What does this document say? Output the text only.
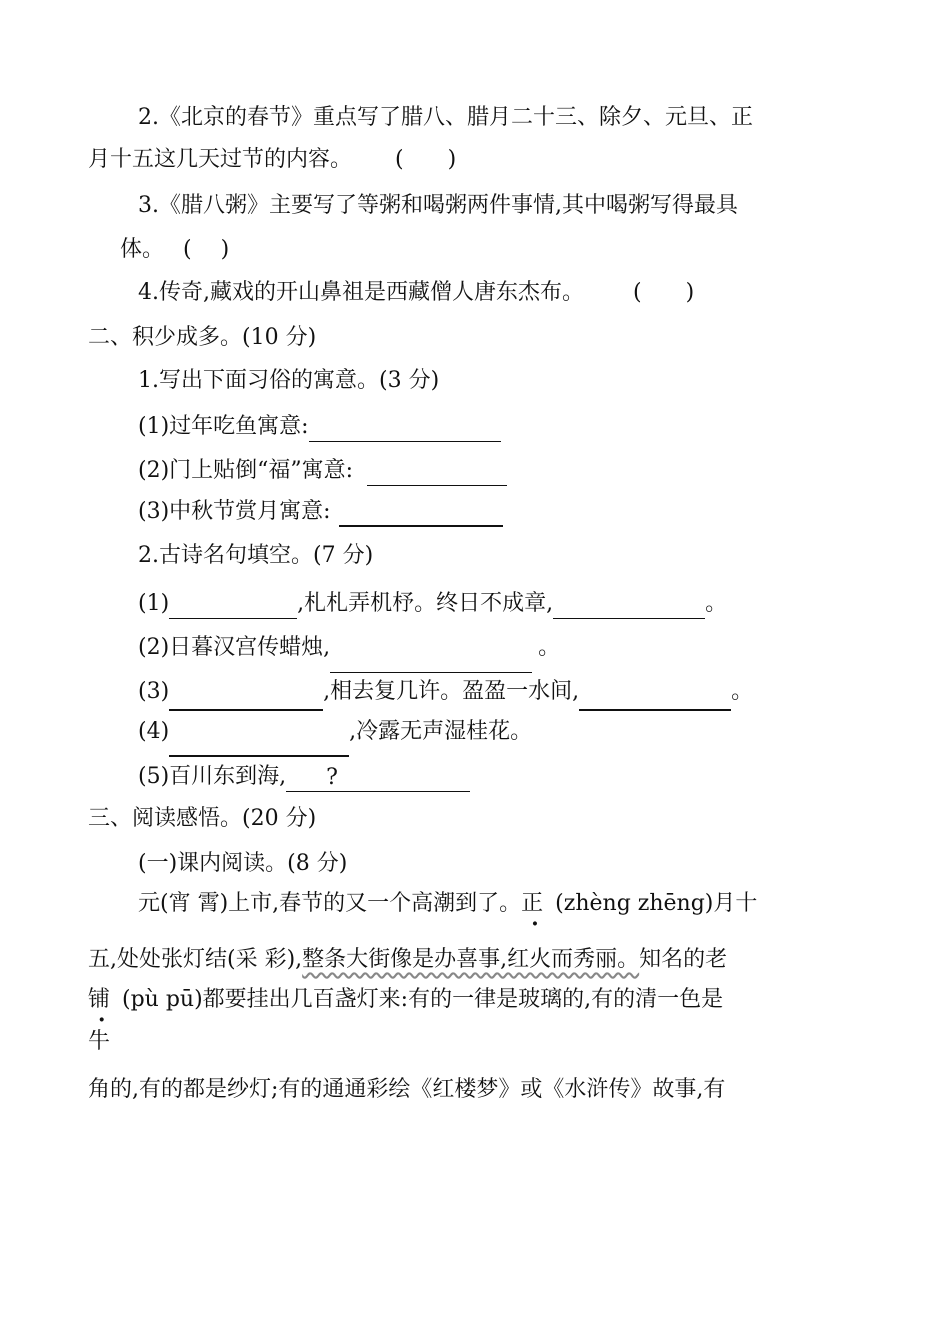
2.《北京的春节》重点写了腊八、腊月二十三、除夕、元旦、正
月十五这几天过节的内容。 (　　)
3.《腊八粥》主要写了等粥和喝粥两件事情,其中喝粥写得最具
体。 (　 )
4.传奇,藏戏的开山鼻祖是西藏僧人唐东杰布。 (　　)
二、积少成多。(10 分)
1.写出下面习俗的寓意。(3 分)
(1)过年吃鱼寓意:
(2)门上贴倒“福”寓意:
(3)中秋节赏月寓意:
2.古诗名句填空。(7 分)
(1)	,札札弄机杼。终日不成章,	。
(2)日暮汉宫传蜡烛,	。
(3)	,相去复几许。盈盈一水间,	。
(4)	,冷露无声湿桂花。
(5)百川东到海, ?
三、阅读感悟。(20 分)
(一)课内阅读。(8 分)
元(宵 霄)上市,春节的又一个高潮到了。正 (zhèng zhēng)月十
五,处处张灯结(采 彩),整条大街像是办喜事,红火而秀丽。知名的老
铺 (pù pū)都要挂出几百盏灯来:有的一律是玻璃的,有的清一色是
牛
角的,有的都是纱灯;有的通通彩绘《红楼梦》或《水浒传》故事,有
